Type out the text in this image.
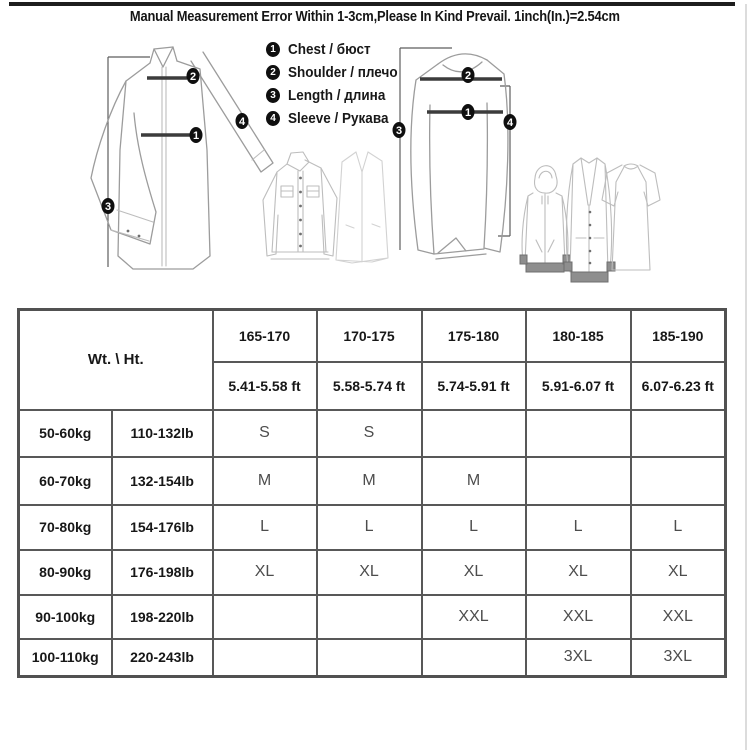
Manual Measurement Error Within 1-3cm,Please In Kind Prevail. 1inch(In.)=2.54cm
2
1
4
3
2
1
3
4
1 Chest / бюст
2 Shoulder / плечо
3 Length / длина
4 Sleeve / Рукава
Wt. \ Ht.		165-170	170-175	175-180	180-185	185-190
		5.41-5.58 ft	5.58-5.74 ft	5.74-5.91 ft	5.91-6.07 ft	6.07-6.23 ft
50-60kg	110-132lb	S	S			
60-70kg	132-154lb	M	M	M		
70-80kg	154-176lb	L	L	L	L	L
80-90kg	176-198lb	XL	XL	XL	XL	XL
90-100kg	198-220lb			XXL	XXL	XXL
100-110kg	220-243lb				3XL	3XL
